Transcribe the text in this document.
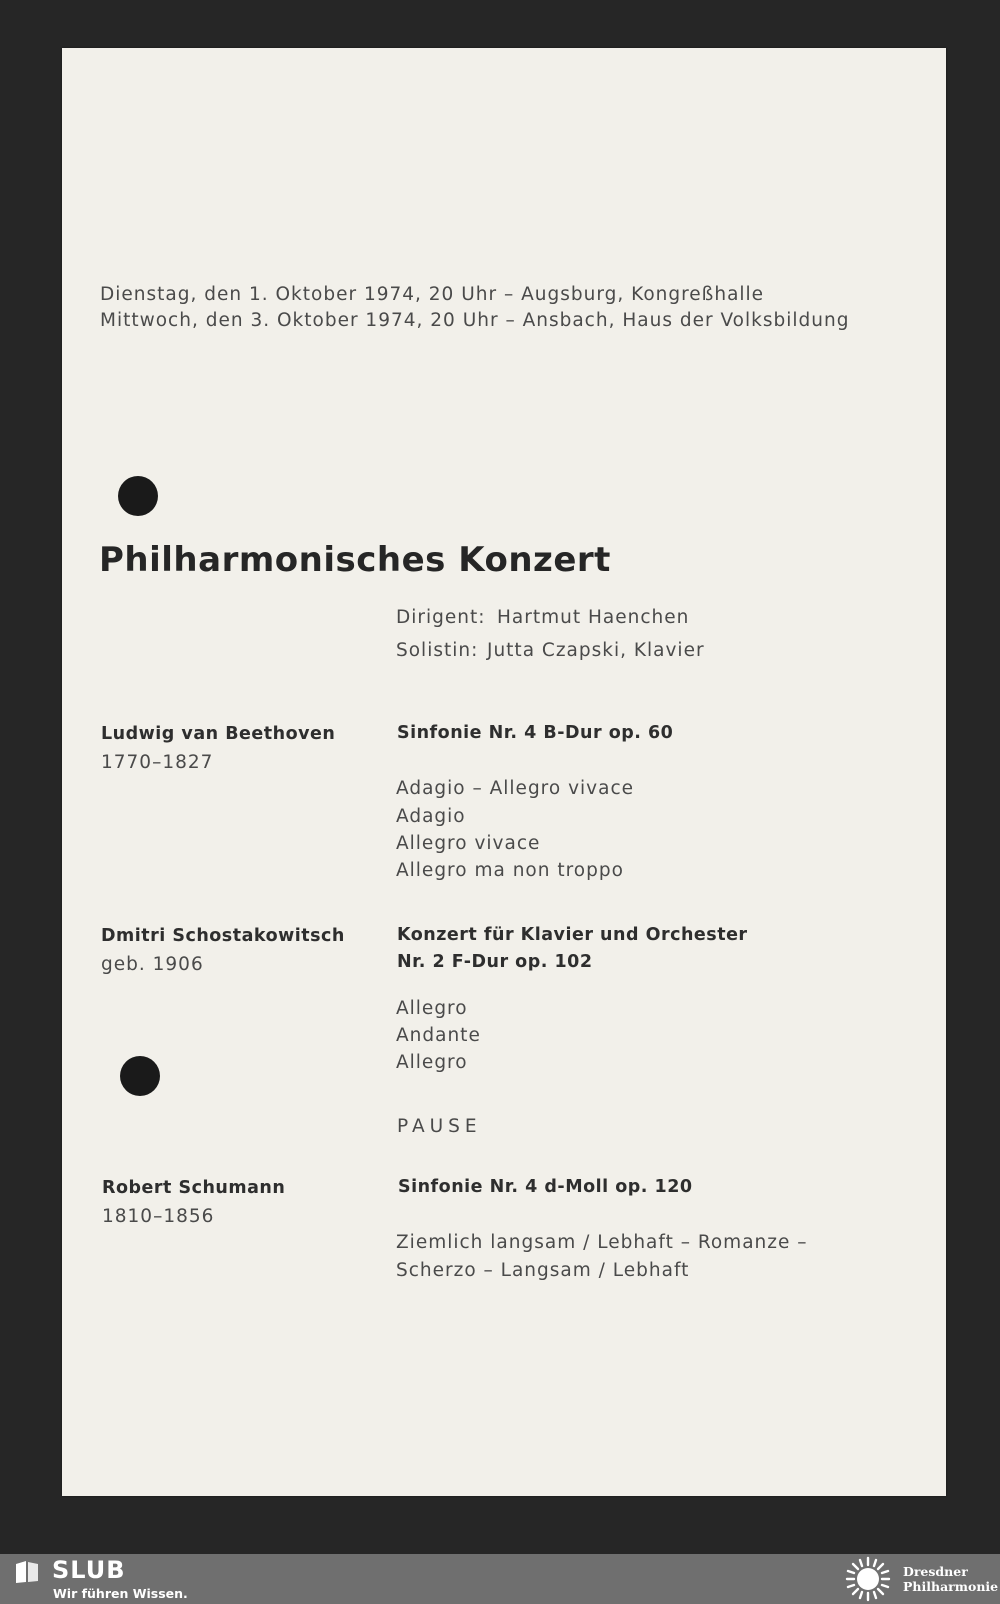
Dienstag, den 1. Oktober 1974, 20 Uhr – Augsburg, Kongreßhalle
Mittwoch, den 3. Oktober 1974, 20 Uhr – Ansbach, Haus der Volksbildung
Philharmonisches Konzert
Dirigent: Hartmut Haenchen
Solistin: Jutta Czapski, Klavier
Ludwig van Beethoven
1770–1827
Sinfonie Nr. 4 B-Dur op. 60
Adagio – Allegro vivace
Adagio
Allegro vivace
Allegro ma non troppo
Dmitri Schostakowitsch
geb. 1906
Konzert für Klavier und Orchester
Nr. 2 F-Dur op. 102
Allegro
Andante
Allegro
PAUSE
Robert Schumann
1810–1856
Sinfonie Nr. 4 d-Moll op. 120
Ziemlich langsam / Lebhaft – Romanze –
Scherzo – Langsam / Lebhaft
SLUB
Wir führen Wissen.
Dresdner
Philharmonie
